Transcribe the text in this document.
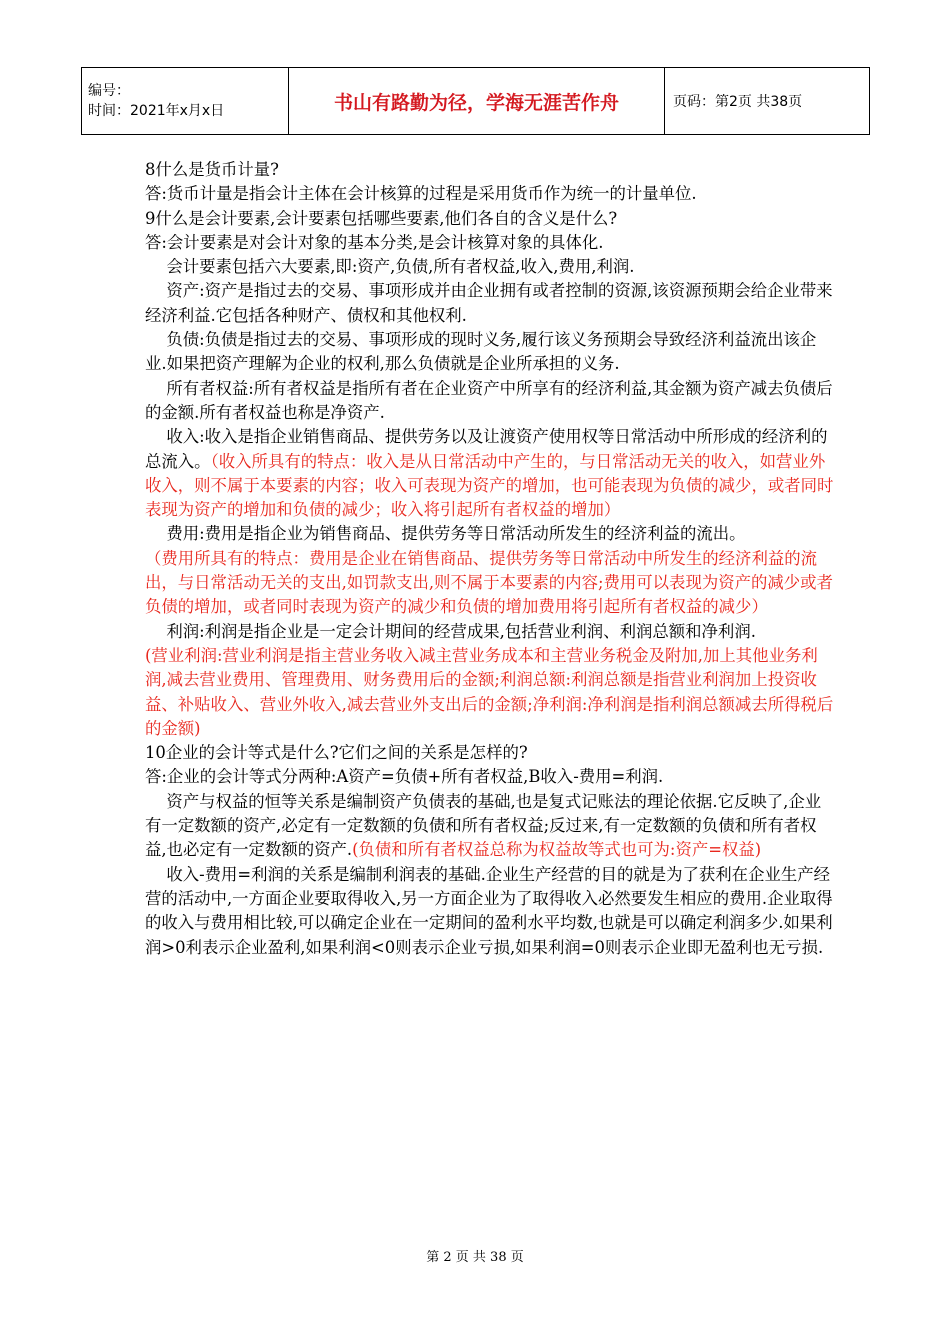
编号：
时间：2021年x月x日	书山有路勤为径，学海无涯苦作舟	页码：第2页 共38页

8什么是货币计量?

答:货币计量是指会计主体在会计核算的过程是采用货币作为统一的计量单位.

9什么是会计要素,会计要素包括哪些要素,他们各自的含义是什么?

答:会计要素是对会计对象的基本分类,是会计核算对象的具体化.

会计要素包括六大要素,即:资产,负债,所有者权益,收入,费用,利润.

资产:资产是指过去的交易、事项形成并由企业拥有或者控制的资源,该资源预期会给企业带来经济利益.它包括各种财产、债权和其他权利.

负债:负债是指过去的交易、事项形成的现时义务,履行该义务预期会导致经济利益流出该企业.如果把资产理解为企业的权利,那么负债就是企业所承担的义务.

所有者权益:所有者权益是指所有者在企业资产中所享有的经济利益,其金额为资产减去负债后的金额.所有者权益也称是净资产.

收入:收入是指企业销售商品、提供劳务以及让渡资产使用权等日常活动中所形成的经济利的总流入。（收入所具有的特点：收入是从日常活动中产生的，与日常活动无关的收入，如营业外收入，则不属于本要素的内容；收入可表现为资产的增加，也可能表现为负债的减少，或者同时表现为资产的增加和负债的减少；收入将引起所有者权益的增加）

费用:费用是指企业为销售商品、提供劳务等日常活动所发生的经济利益的流出。

（费用所具有的特点：费用是企业在销售商品、提供劳务等日常活动中所发生的经济利益的流出，与日常活动无关的支出,如罚款支出,则不属于本要素的内容;费用可以表现为资产的减少或者负债的增加，或者同时表现为资产的减少和负债的增加费用将引起所有者权益的减少）

利润:利润是指企业是一定会计期间的经营成果,包括营业利润、利润总额和净利润.

(营业利润:营业利润是指主营业务收入减主营业务成本和主营业务税金及附加,加上其他业务利润,减去营业费用、管理费用、财务费用后的金额;利润总额:利润总额是指营业利润加上投资收益、补贴收入、营业外收入,减去营业外支出后的金额;净利润:净利润是指利润总额减去所得税后的金额)

10企业的会计等式是什么?它们之间的关系是怎样的?

答:企业的会计等式分两种:A资产=负债+所有者权益,B收入-费用=利润.

资产与权益的恒等关系是编制资产负债表的基础,也是复式记账法的理论依据.它反映了,企业有一定数额的资产,必定有一定数额的负债和所有者权益;反过来,有一定数额的负债和所有者权益,也必定有一定数额的资产.(负债和所有者权益总称为权益故等式也可为:资产=权益)

收入-费用=利润的关系是编制利润表的基础.企业生产经营的目的就是为了获利在企业生产经营的活动中,一方面企业要取得收入,另一方面企业为了取得收入必然要发生相应的费用.企业取得的收入与费用相比较,可以确定企业在一定期间的盈利水平均数,也就是可以确定利润多少.如果利润>0利表示企业盈利,如果利润<0则表示企业亏损,如果利润=0则表示企业即无盈利也无亏损.

第 2 页 共 38 页
